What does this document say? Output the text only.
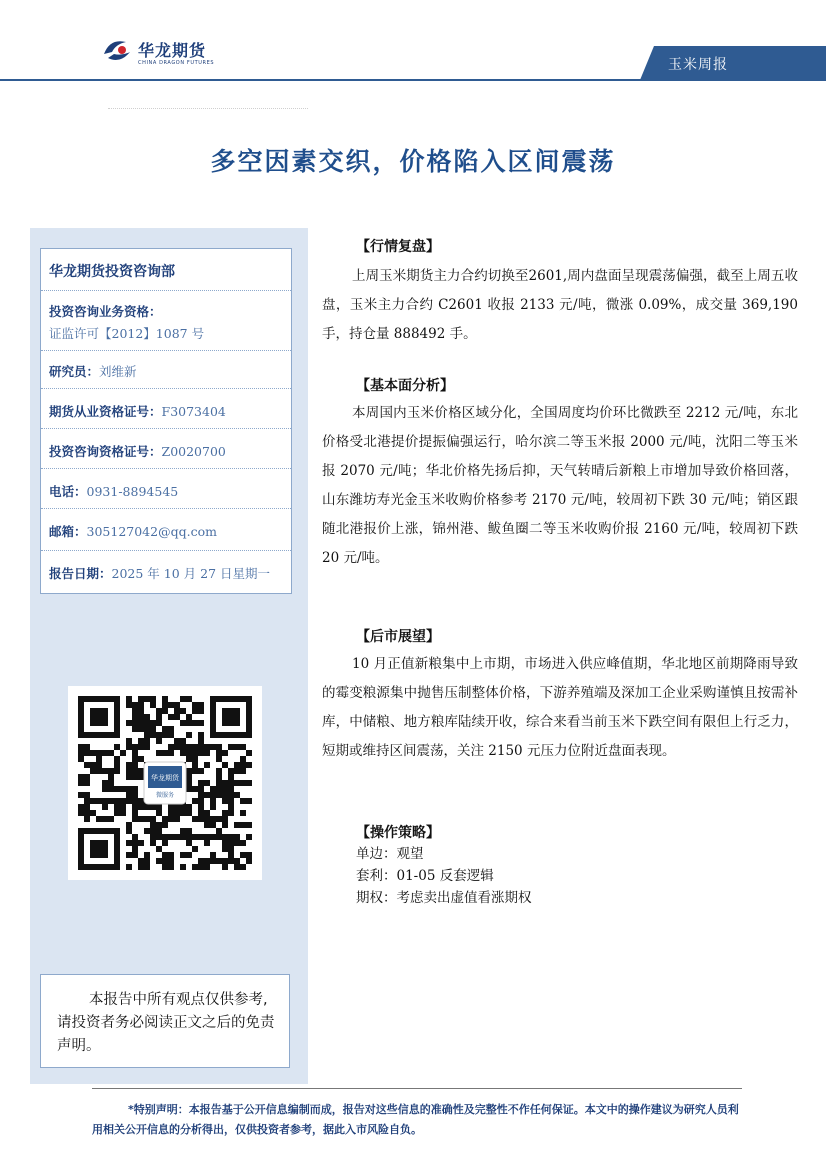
华龙期货
CHINA DRAGON FUTURES	玉米周报
多空因素交织，价格陷入区间震荡
华龙期货投资咨询部
投资咨询业务资格：
证监许可【2012】1087 号
研究员：刘维新
期货从业资格证号：F3073404
投资咨询资格证号：Z0020700
电话：0931-8894545
邮箱：305127042@qq.com
报告日期：2025 年 10 月 27 日星期一
华龙期货
微服务

本报告中所有观点仅供参考,请投资者务必阅读正文之后的免责声明。

【行情复盘】

上周玉米期货主力合约切换至2601,周内盘面呈现震荡偏强，截至上周五收盘，玉米主力合约 C2601 收报 2133 元/吨，微涨 0.09%，成交量 369,190 手，持仓量 888492 手。

【基本面分析】

本周国内玉米价格区域分化，全国周度均价环比微跌至 2212 元/吨，东北价格受北港提价提振偏强运行，哈尔滨二等玉米报 2000 元/吨，沈阳二等玉米报 2070 元/吨；华北价格先扬后抑，天气转晴后新粮上市增加导致价格回落，山东潍坊寿光金玉米收购价格参考 2170 元/吨，较周初下跌 30 元/吨；销区跟随北港报价上涨，锦州港、鲅鱼圈二等玉米收购价报 2160 元/吨，较周初下跌 20 元/吨。

【后市展望】

10 月正值新粮集中上市期，市场进入供应峰值期，华北地区前期降雨导致的霉变粮源集中抛售压制整体价格，下游养殖端及深加工企业采购谨慎且按需补库，中储粮、地方粮库陆续开收，综合来看当前玉米下跌空间有限但上行乏力，短期或维持区间震荡，关注 2150 元压力位附近盘面表现。

【操作策略】
单边：观望
套利：01-05 反套逻辑
期权：考虑卖出虚值看涨期权
*特别声明：本报告基于公开信息编制而成，报告对这些信息的准确性及完整性不作任何保证。本文中的操作建议为研究人员利用相关公开信息的分析得出，仅供投资者参考，据此入市风险自负。
